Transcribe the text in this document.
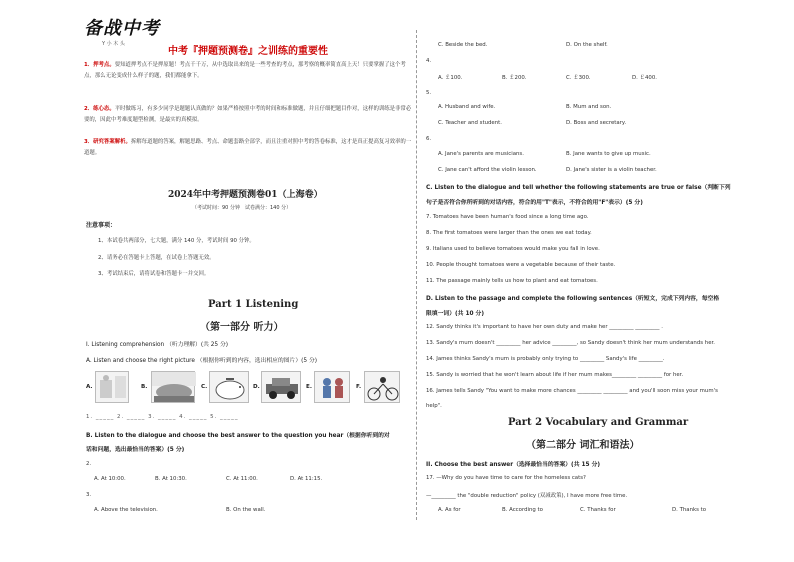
备战中考
Y 小 木 头
中考『押题预测卷』之训练的重要性
1．押考点。要知道押考点不是押原题！考点千千万，从中选取出来的是一些考查的考点，那考察的概率简直高上天！只要掌握了这个考点，那么无论变成什么样子的题，我们都能拿下。
2．练心态。平时做练习，有多少同学是题题认真做的？如果严格按照中考的时间和标准做题，并且仔细把题目作对，这样的训练是非常必要的，因此中考难度题型检测，是最实的真模拟。
3．研究答案解析。拆解每道题的答案，解题思路、考点、命题套路全部学，而且注重对照中考的答卷标准，这才是真正提高复习效率的一道题。
2024年中考押题预测卷01（上海卷）
（考试时间：90 分钟　试卷满分：140 分）
注意事项：
1、本试卷共两部分，七大题，满分 140 分，考试时间 90 分钟。
2、请务必在答题卡上答题，在试卷上答题无效。
3、考试结束后，请将试卷和答题卡一并交回。
Part 1 Listening
（第一部分 听力）
I. Listening comprehension （听力理解）(共 25 分)
A. Listen and choose the right picture （根据你听到的内容，选出相应的图片）(5 分)
A.	B.	C.	D.	E.	F.
1. _____ 2. _____ 3. _____ 4. _____ 5. _____
B. Listen to the dialogue and choose the best answer to the question you hear（根据你听到的对
话和问题，选出最恰当的答案）(5 分)
2.
A. At 10:00.	B. At 10:30.	C. At 11:00.	D. At 11:15.
3.
A. Above the television.	B. On the wall.
C. Beside the bed.	D. On the shelf.
4.
A. ￡100.	B. ￡200.	C. ￡300.	D. ￡400.
5.
A. Husband and wife.	B. Mum and son.
C. Teacher and student.	D. Boss and secretary.
6.
A. Jane's parents are musicians.	B. Jane wants to give up music.
C. Jane can't afford the violin lesson.	D. Jane's sister is a violin teacher.
C. Listen to the dialogue and tell whether the following statements are true or false（判断下列
句子是否符合你所听到的对话内容，符合的用"T"表示，不符合的用"F"表示）(5 分)
7. Tomatoes have been human's food since a long time ago.
8. The first tomatoes were larger than the ones we eat today.
9. Italians used to believe tomatoes would make you fall in love.
10. People thought tomatoes were a vegetable because of their taste.
11. The passage mainly tells us how to plant and eat tomatoes.
D. Listen to the passage and complete the following sentences（听短文，完成下列内容，每空格
限填一词）(共 10 分)
12. Sandy thinks it's important to have her own duty and make her _________ _________ .
13. Sandy's mum doesn't _________ her advice _________, so Sandy doesn't think her mum understands her.
14. James thinks Sandy's mum is probably only trying to _________ Sandy's life _________.
15. Sandy is worried that he won't learn about life if her mum makes_________ _________ for her.
16. James tells Sandy "You want to make more chances _________ _________ and you'll soon miss your mum's
help".
Part 2 Vocabulary and Grammar
（第二部分 词汇和语法）
II. Choose the best answer（选择最恰当的答案）(共 15 分)
17. —Why do you have time to care for the homeless cats?
—_________ the "double reduction" policy (双减政策), I have more free time.
A. As for	B. According to	C. Thanks for	D. Thanks to
